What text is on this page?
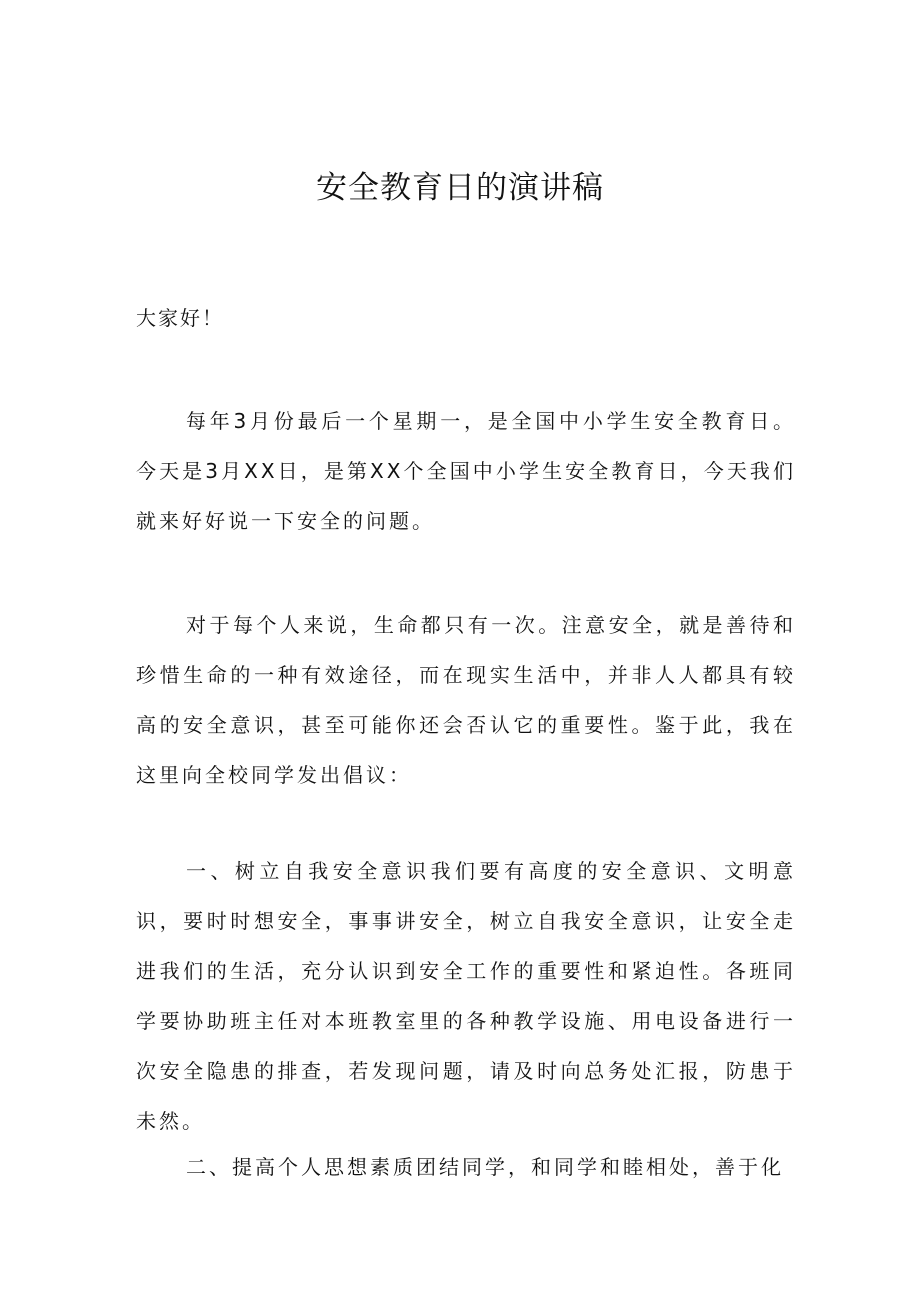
安全教育日的演讲稿

大家好！

每年3月份最后一个星期一，是全国中小学生安全教育日。今天是3月XX日，是第XX个全国中小学生安全教育日，今天我们就来好好说一下安全的问题。

对于每个人来说，生命都只有一次。注意安全，就是善待和珍惜生命的一种有效途径，而在现实生活中，并非人人都具有较高的安全意识，甚至可能你还会否认它的重要性。鉴于此，我在这里向全校同学发出倡议：

一、树立自我安全意识我们要有高度的安全意识、文明意识，要时时想安全，事事讲安全，树立自我安全意识，让安全走进我们的生活，充分认识到安全工作的重要性和紧迫性。各班同学要协助班主任对本班教室里的各种教学设施、用电设备进行一次安全隐患的排查，若发现问题，请及时向总务处汇报，防患于未然。

二、提高个人思想素质团结同学，和同学和睦相处，善于化
